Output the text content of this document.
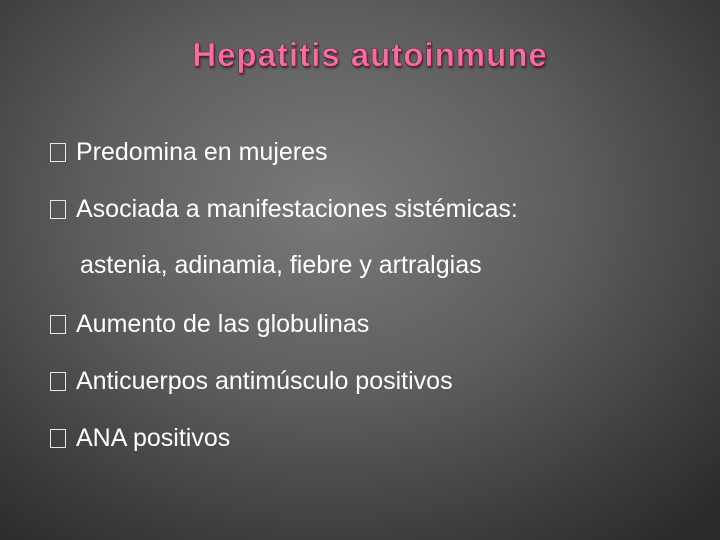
Hepatitis autoinmune
Predomina en mujeres
Asociada a manifestaciones sistémicas:
astenia, adinamia, fiebre y artralgias
Aumento de las globulinas
Anticuerpos antimúsculo positivos
ANA positivos
